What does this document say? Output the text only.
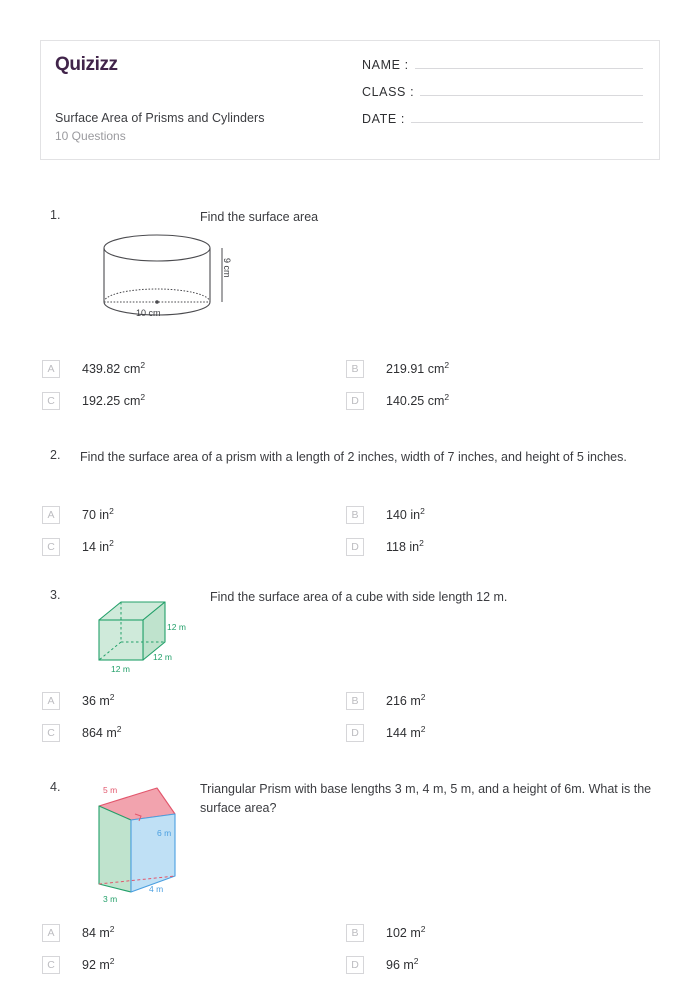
Quizizz
Surface Area of Prisms and Cylinders
10 Questions
NAME :
CLASS :
DATE :
1.	Find the surface area
9 cm
10 cm
A	439.82 $cm^2$	B	219.91 $cm^2$
C	192.25 $cm^2$	D	140.25 $cm^2$
2. Find the surface area of a prism with a length of 2 inches, width of 7 inches, and height of 5 inches.
A	70 $in^2$	B	140 $in^2$
C	14 $in^2$	D	118 $in^2$
3.	Find the surface area of a cube with side length 12 m.
12 m
12 m
12 m
A	36 $m^2$	B	216 $m^2$
C	864 $m^2$	D	144 $m^2$
4.	Triangular Prism with base lengths 3 m, 4 m, 5 m, and a height of 6m. What is the surface area?
5 m
6 m
4 m
3 m
A	84 $m^2$	B	102 $m^2$
C	92 $m^2$	D	96 $m^2$
